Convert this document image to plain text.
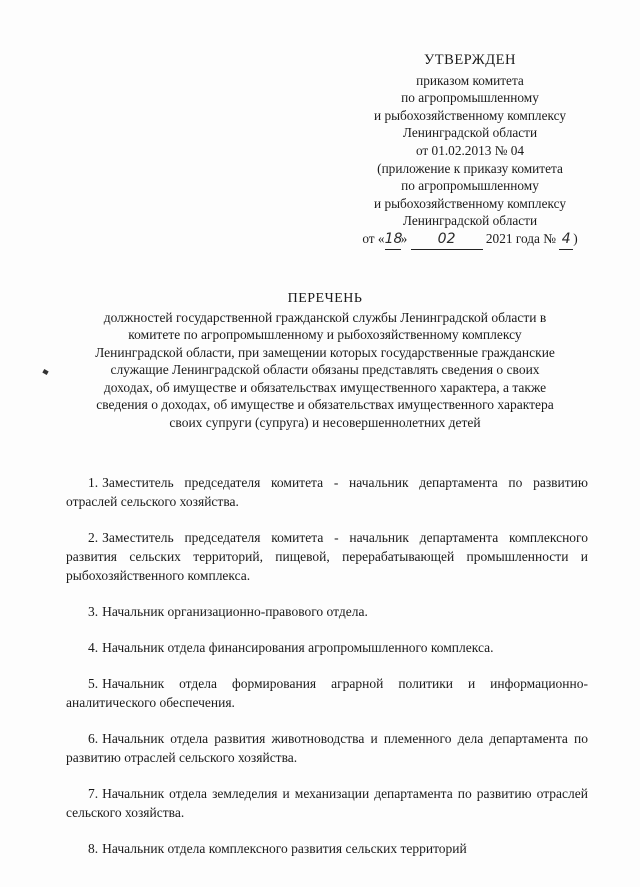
УТВЕРЖДЕН
приказом комитета
по агропромышленному
и рыбохозяйственному комплексу
Ленинградской области
от 01.02.2013 № 04
(приложение к приказу комитета
по агропромышленному
и рыбохозяйственному комплексу
Ленинградской области
от «18» 02 2021 года № 4 )
ПЕРЕЧЕНЬ
должностей государственной гражданской службы Ленинградской области в
комитете по агропромышленному и рыбохозяйственному комплексу
Ленинградской области, при замещении которых государственные гражданские
служащие Ленинградской области обязаны представлять сведения о своих
доходах, об имуществе и обязательствах имущественного характера, а также
сведения о доходах, об имуществе и обязательствах имущественного характера
своих супруги (супруга) и несовершеннолетних детей

1. Заместитель председателя комитета - начальник департамента по развитию отраслей сельского хозяйства.

2. Заместитель председателя комитета - начальник департамента комплексного развития сельских территорий, пищевой, перерабатывающей промышленности и рыбохозяйственного комплекса.

3. Начальник организационно-правового отдела.

4. Начальник отдела финансирования агропромышленного комплекса.

5. Начальник отдела формирования аграрной политики и информационно-аналитического обеспечения.

6. Начальник отдела развития животноводства и племенного дела департамента по развитию отраслей сельского хозяйства.

7. Начальник отдела земледелия и механизации департамента по развитию отраслей сельского хозяйства.

8. Начальник отдела комплексного развития сельских территорий
